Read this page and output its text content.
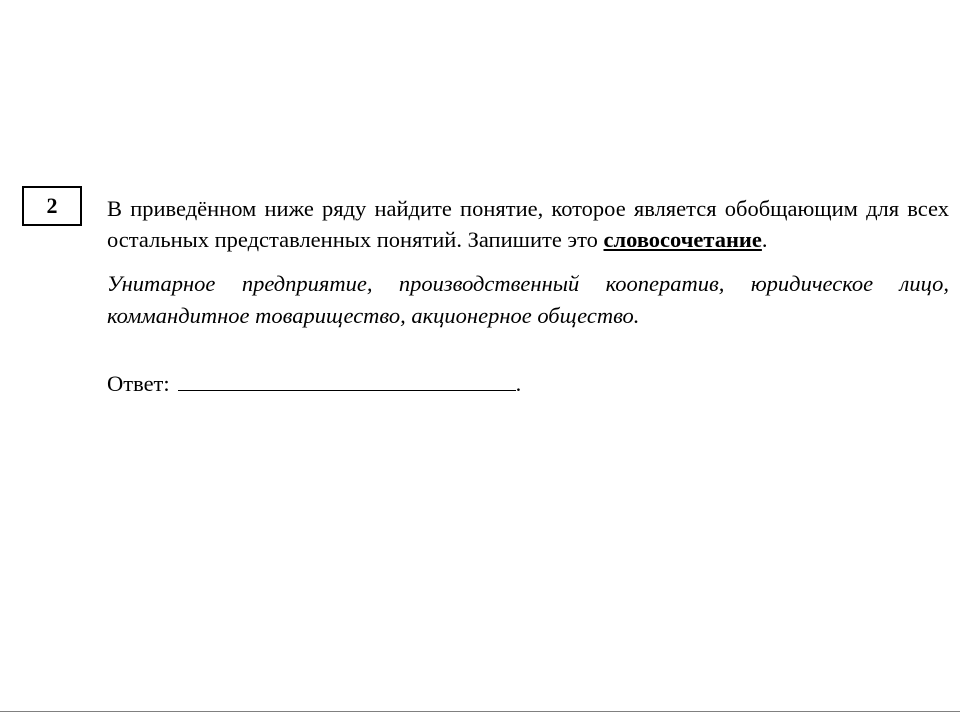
2 В приведённом ниже ряду найдите понятие, которое является обобщающим для всех остальных представленных понятий. Запишите это словосочетание.

Унитарное предприятие, производственный кооператив, юридическое лицо, коммандитное товарищество, акционерное общество.

Ответ:	.
